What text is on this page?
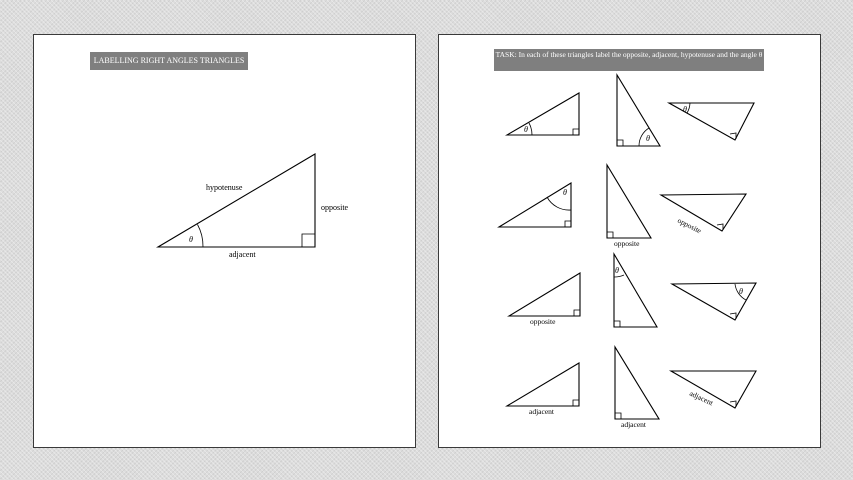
LABELLING RIGHT ANGLES TRIANGLES
θ
hypotenuse
opposite
adjacent
TASK: In each of these triangles label the opposite, adjacent, hypotenuse and the angle θ
θ
θ
θ
θ
opposite
opposite
opposite
θ
θ
adjacent
adjacent
adjacent
